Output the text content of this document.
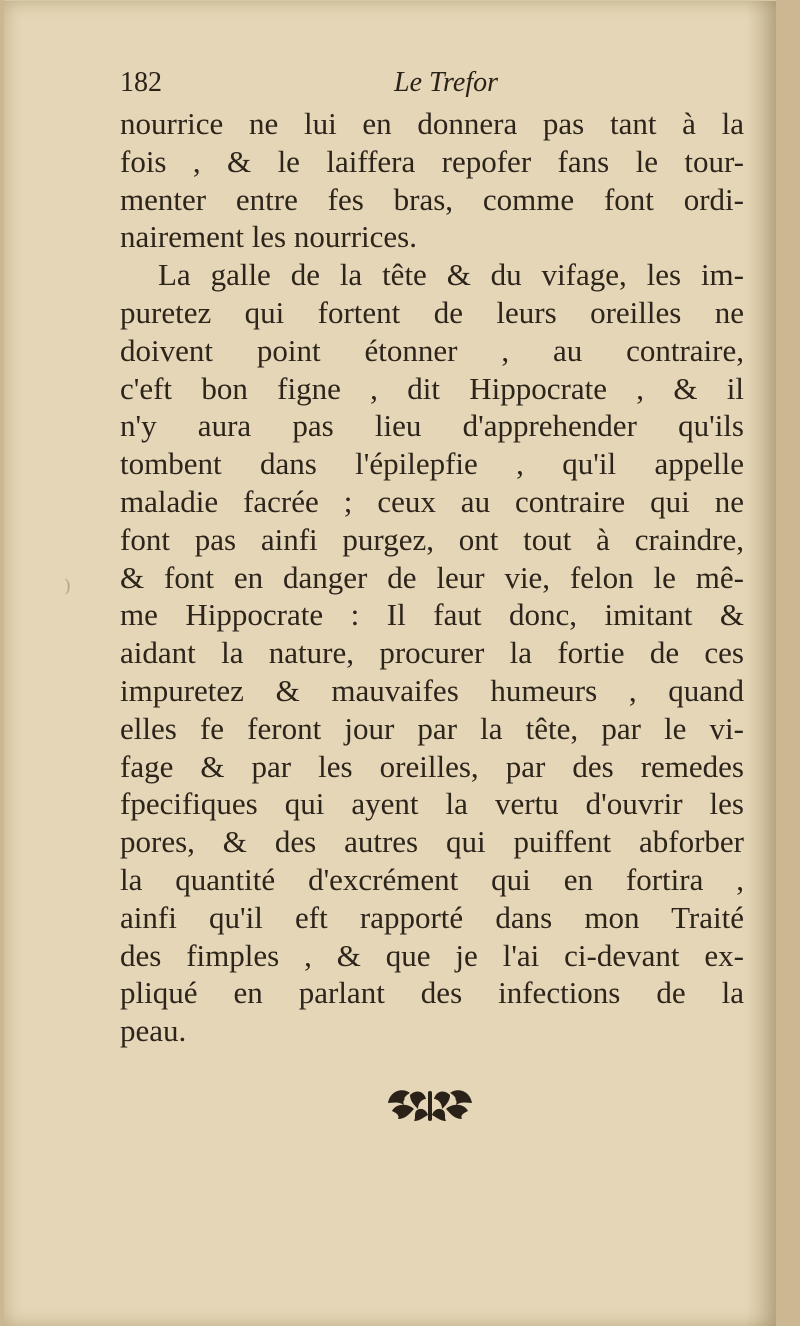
182	Le Trefor
nourrice ne lui en donnera pas tant à la
fois , & le laiffera repofer fans le tour-
menter entre fes bras, comme font ordi-
nairement les nourrices.
La galle de la tête & du vifage, les im-
puretez qui fortent de leurs oreilles ne
doivent point étonner , au contraire,
c'eft bon figne , dit Hippocrate , & il
n'y aura pas lieu d'apprehender qu'ils
tombent dans l'épilepfie , qu'il appelle
maladie facrée ; ceux au contraire qui ne
font pas ainfi purgez, ont tout à craindre,
& font en danger de leur vie, felon le mê-
me Hippocrate : Il faut donc, imitant &
aidant la nature, procurer la fortie de ces
impuretez & mauvaifes humeurs , quand
elles fe feront jour par la tête, par le vi-
fage & par les oreilles, par des remedes
fpecifiques qui ayent la vertu d'ouvrir les
pores, & des autres qui puiffent abforber
la quantité d'excrément qui en fortira ,
ainfi qu'il eft rapporté dans mon Traité
des fimples , & que je l'ai ci-devant ex-
pliqué en parlant des infections de la
peau.
)
